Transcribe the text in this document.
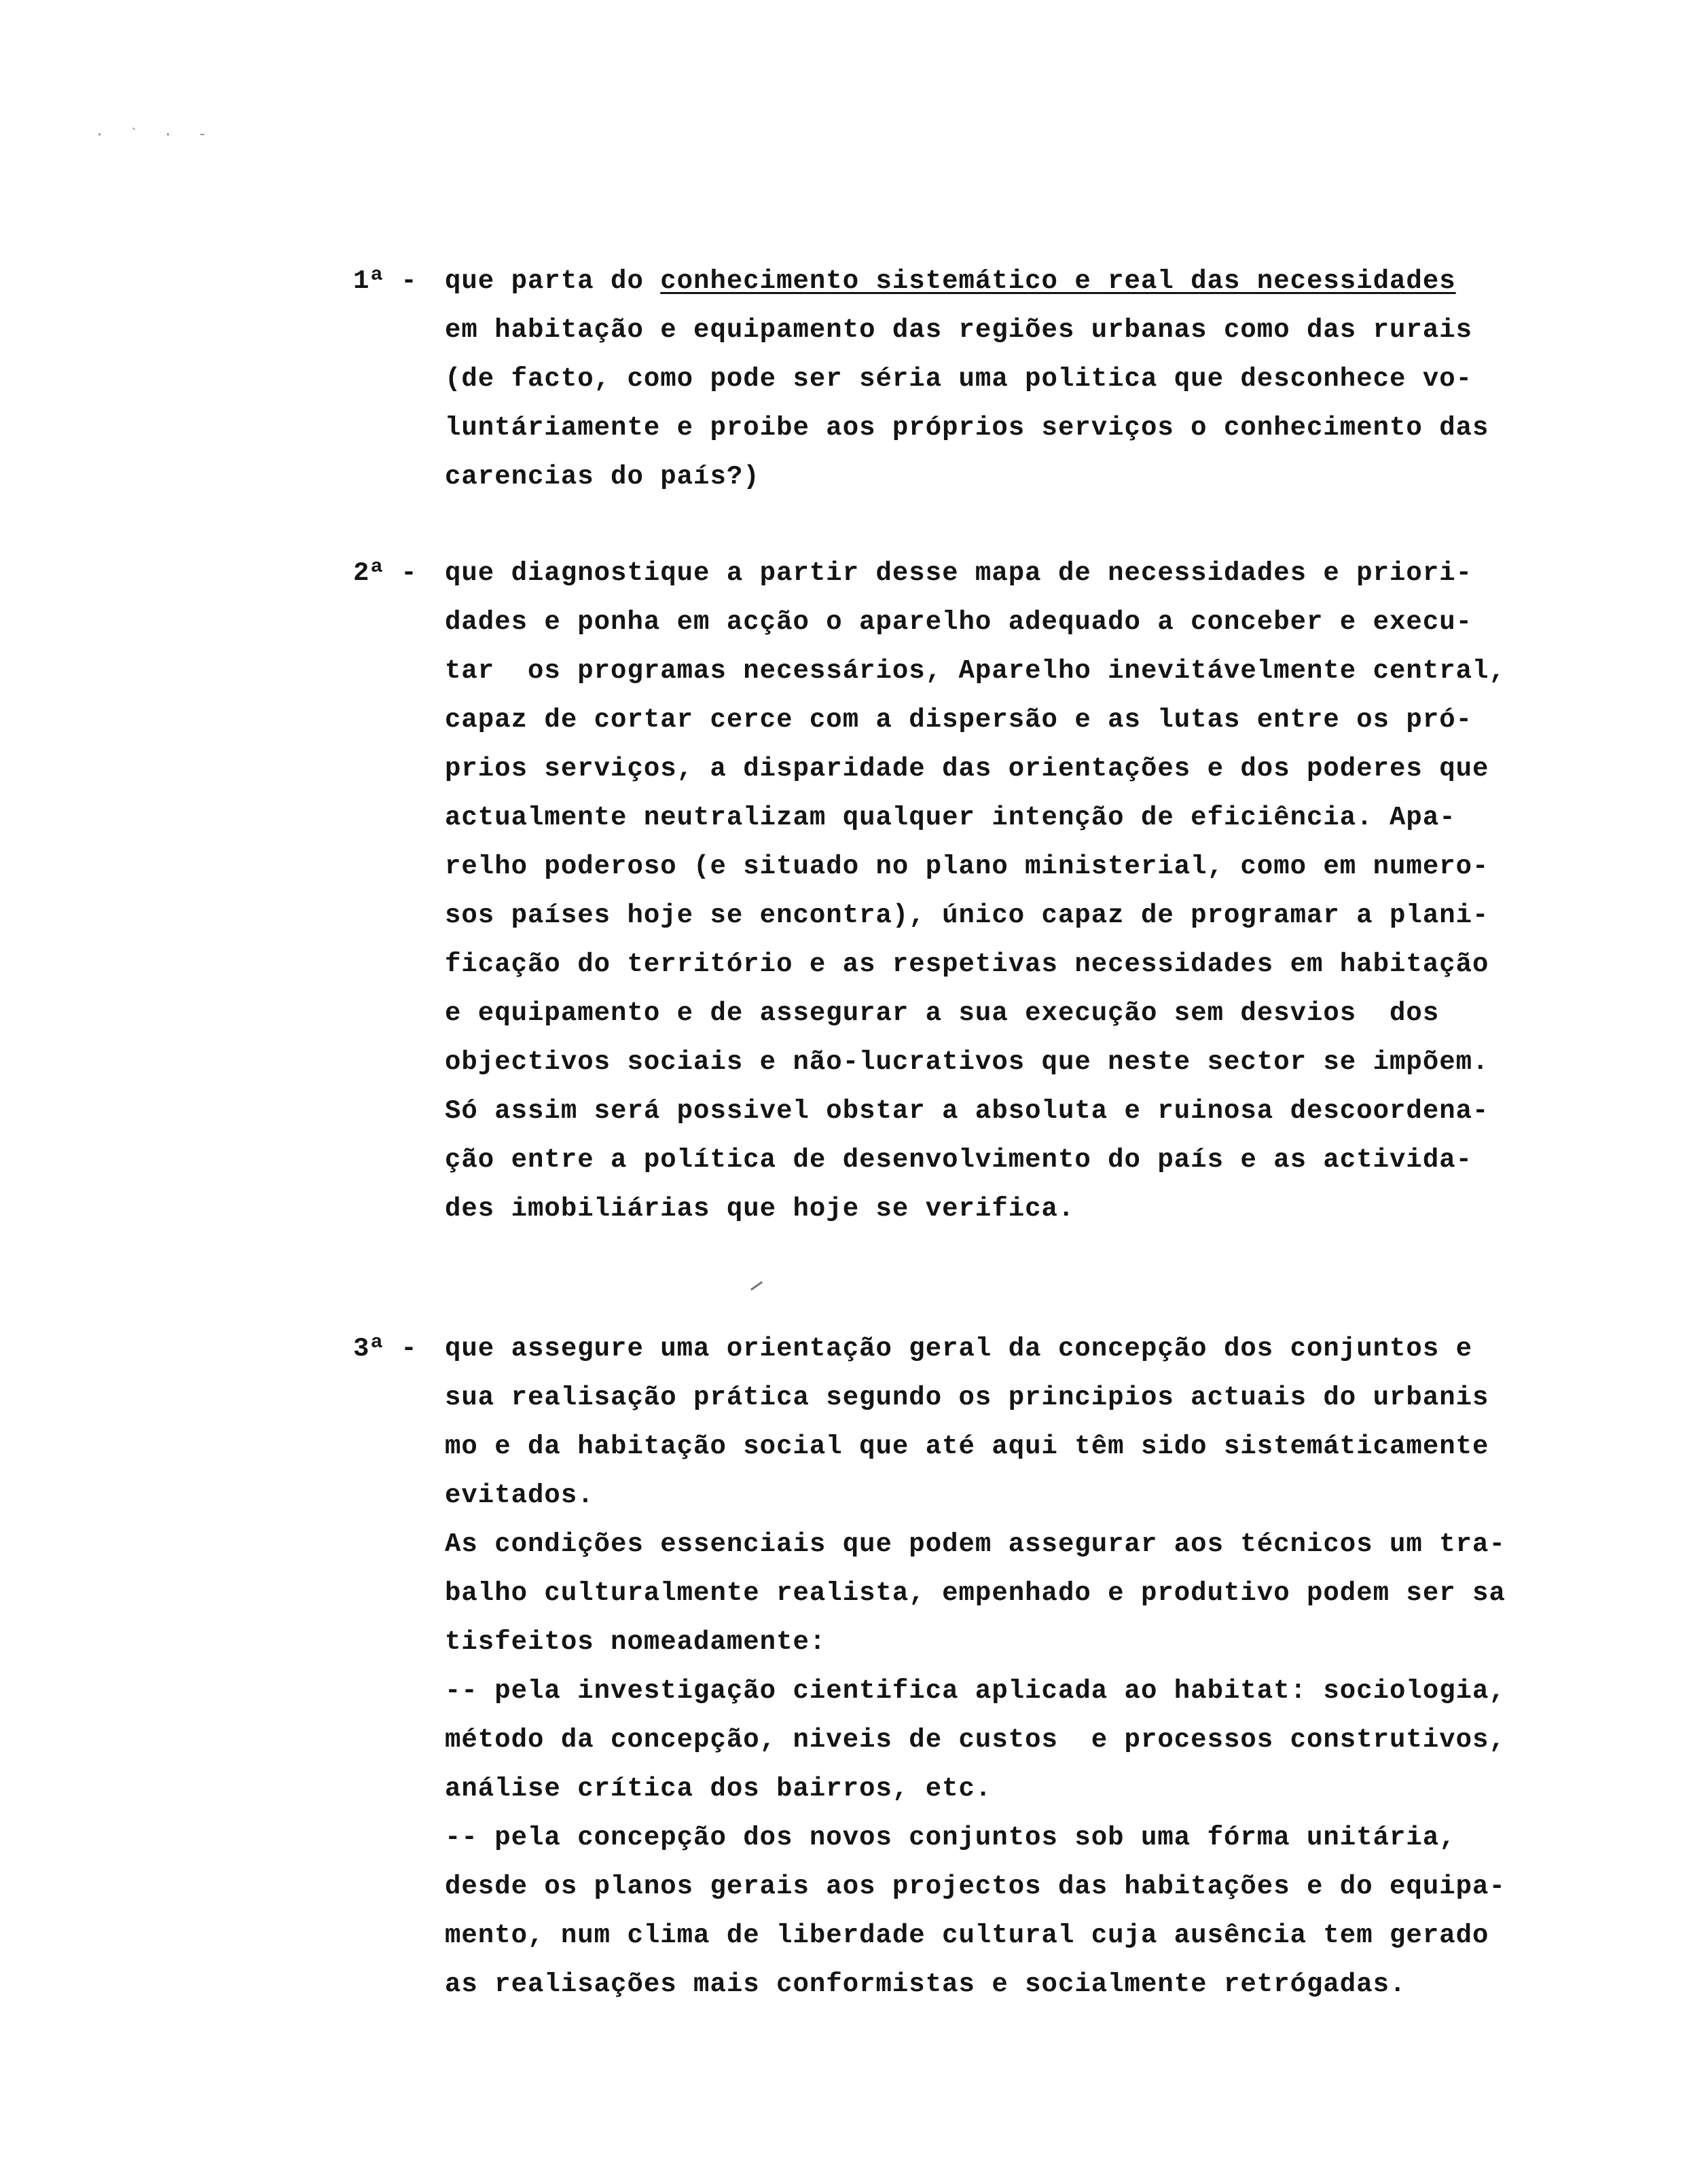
· ` · -
1ª - que parta do conhecimento sistemático e real das necessidades
em habitação e equipamento das regiões urbanas como das rurais
(de facto, como pode ser séria uma politica que desconhece vo-
luntáriamente e proibe aos próprios serviços o conhecimento das
carencias do país?)
2ª - que diagnostique a partir desse mapa de necessidades e priori-
dades e ponha em acção o aparelho adequado a conceber e execu-
tar  os programas necessários, Aparelho inevitávelmente central,
capaz de cortar cerce com a dispersão e as lutas entre os pró-
prios serviços, a disparidade das orientações e dos poderes que
actualmente neutralizam qualquer intenção de eficiência. Apa-
relho poderoso (e situado no plano ministerial, como em numero-
sos países hoje se encontra), único capaz de programar a plani-
ficação do território e as respetivas necessidades em habitação
e equipamento e de assegurar a sua execução sem desvios  dos
objectivos sociais e não-lucrativos que neste sector se impõem.
Só assim será possivel obstar a absoluta e ruinosa descoordena-
ção entre a política de desenvolvimento do país e as activida-
des imobiliárias que hoje se verifica.
3ª - que assegure uma orientação geral da concepção dos conjuntos e
sua realisação prática segundo os principios actuais do urbanis
mo e da habitação social que até aqui têm sido sistemáticamente
evitados.
As condições essenciais que podem assegurar aos técnicos um tra-
balho culturalmente realista, empenhado e produtivo podem ser sa
tisfeitos nomeadamente:
-- pela investigação cientifica aplicada ao habitat: sociologia,
método da concepção, niveis de custos  e processos construtivos,
análise crítica dos bairros, etc.
-- pela concepção dos novos conjuntos sob uma fórma unitária,
desde os planos gerais aos projectos das habitações e do equipa-
mento, num clima de liberdade cultural cuja ausência tem gerado
as realisações mais conformistas e socialmente retrógadas.
